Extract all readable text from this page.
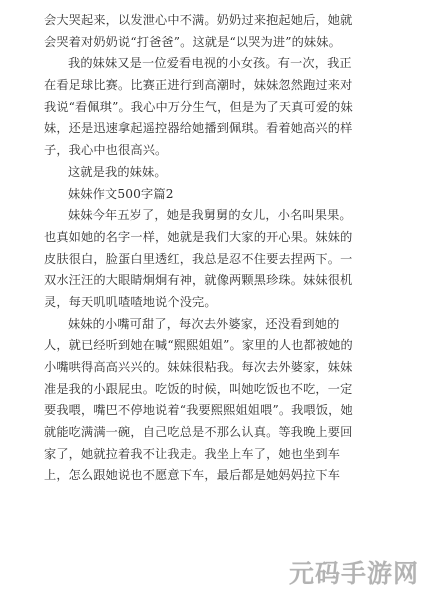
会大哭起来，以发泄心中不满。奶奶过来抱起她后，她就
会哭着对奶奶说“打爸爸”。这就是“以哭为进”的妹妹。
我的妹妹又是一位爱看电视的小女孩。有一次，我正
在看足球比赛。比赛正进行到高潮时，妹妹忽然跑过来对
我说“看佩琪”。我心中万分生气，但是为了天真可爱的妹
妹，还是迅速拿起遥控器给她播到佩琪。看着她高兴的样
子，我心中也很高兴。
这就是我的妹妹。
妹妹作文500字篇2
妹妹今年五岁了，她是我舅舅的女儿，小名叫果果。
也真如她的名字一样，她就是我们大家的开心果。妹妹的
皮肤很白，脸蛋白里透红，我总是忍不住要去捏两下。一
双水汪汪的大眼睛炯炯有神，就像两颗黑珍珠。妹妹很机
灵，每天叽叽喳喳地说个没完。
妹妹的小嘴可甜了，每次去外婆家，还没看到她的
人，就已经听到她在喊“熙熙姐姐”。家里的人也都被她的
小嘴哄得高高兴兴的。妹妹很粘我。每次去外婆家，妹妹
准是我的小跟屁虫。吃饭的时候，叫她吃饭也不吃，一定
要我喂，嘴巴不停地说着“我要熙熙姐姐喂”。我喂饭，她
就能吃满满一碗，自己吃总是不那么认真。等我晚上要回
家了，她就拉着我不让我走。我坐上车了，她也坐到车
上，怎么跟她说也不愿意下车，最后都是她妈妈拉下车
元码手游网
